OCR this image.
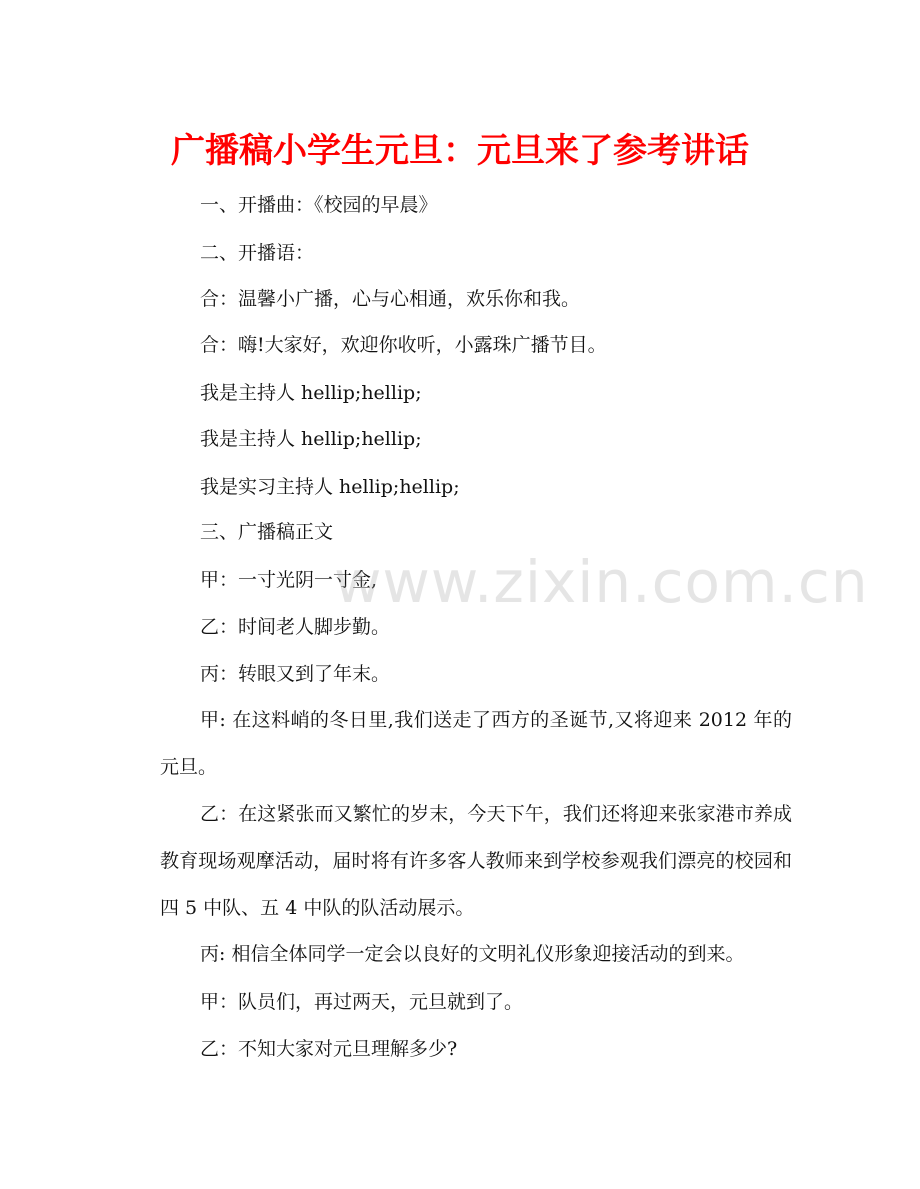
广播稿小学生元旦：元旦来了参考讲话
一、开播曲：《校园的早晨》
二、开播语：
合：温馨小广播，心与心相通，欢乐你和我。
合：嗨!大家好，欢迎你收听，小露珠广播节目。
我是主持人 hellip;hellip;
我是主持人 hellip;hellip;
我是实习主持人 hellip;hellip;
三、广播稿正文
甲：一寸光阴一寸金,
乙：时间老人脚步勤。
丙：转眼又到了年末。
甲: 在这料峭的冬日里,我们送走了西方的圣诞节,又将迎来 2012 年的元旦。
乙：在这紧张而又繁忙的岁末，今天下午，我们还将迎来张家港市养成教育现场观摩活动，届时将有许多客人教师来到学校参观我们漂亮的校园和四 5 中队、五 4 中队的队活动展示。
丙: 相信全体同学一定会以良好的文明礼仪形象迎接活动的到来。
甲：队员们，再过两天，元旦就到了。
乙：不知大家对元旦理解多少?
www.zixin.com.cn
